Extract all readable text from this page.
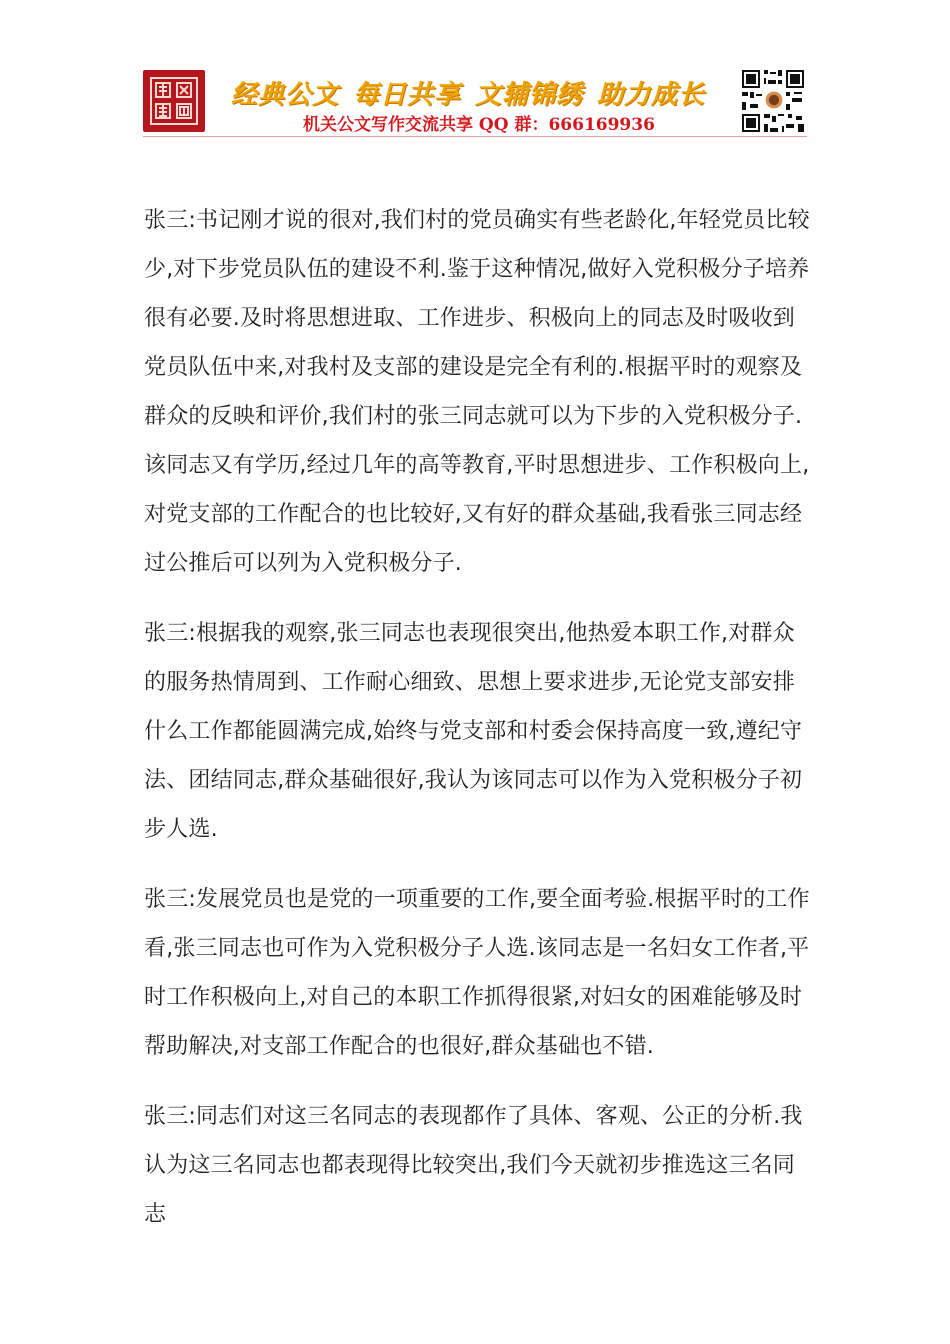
经典公文 每日共享 文辅锦绣 助力成长
机关公文写作交流共享 QQ 群：666169936

张三:书记刚才说的很对,我们村的党员确实有些老龄化,年轻党员比较少,对下步党员队伍的建设不利.鉴于这种情况,做好入党积极分子培养很有必要.及时将思想进取、工作进步、积极向上的同志及时吸收到党员队伍中来,对我村及支部的建设是完全有利的.根据平时的观察及群众的反映和评价,我们村的张三同志就可以为下步的入党积极分子.该同志又有学历,经过几年的高等教育,平时思想进步、工作积极向上,对党支部的工作配合的也比较好,又有好的群众基础,我看张三同志经过公推后可以列为入党积极分子.

张三:根据我的观察,张三同志也表现很突出,他热爱本职工作,对群众的服务热情周到、工作耐心细致、思想上要求进步,无论党支部安排什么工作都能圆满完成,始终与党支部和村委会保持高度一致,遵纪守法、团结同志,群众基础很好,我认为该同志可以作为入党积极分子初步人选.

张三:发展党员也是党的一项重要的工作,要全面考验.根据平时的工作看,张三同志也可作为入党积极分子人选.该同志是一名妇女工作者,平时工作积极向上,对自己的本职工作抓得很紧,对妇女的困难能够及时帮助解决,对支部工作配合的也很好,群众基础也不错.

张三:同志们对这三名同志的表现都作了具体、客观、公正的分析.我认为这三名同志也都表现得比较突出,我们今天就初步推选这三名同志
